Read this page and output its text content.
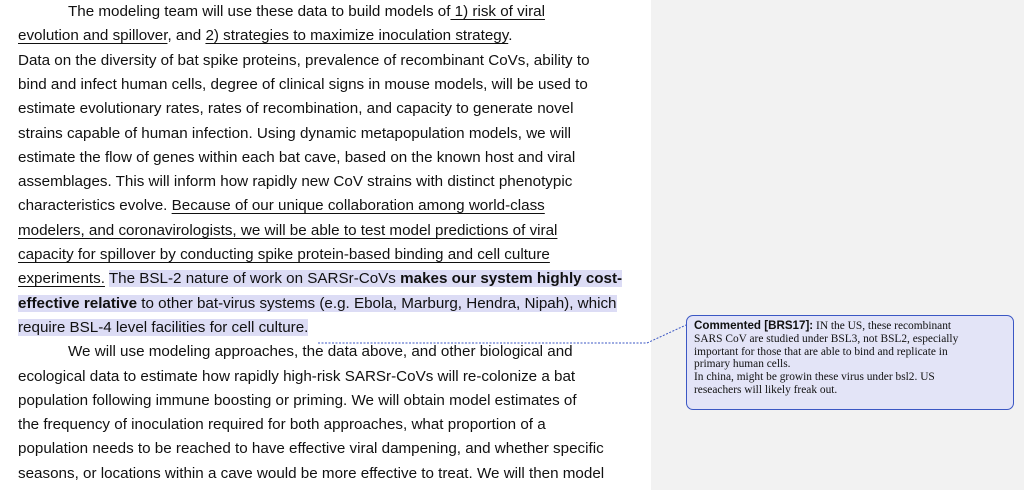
The modeling team will use these data to build models of 1) risk of viral
evolution and spillover, and 2) strategies to maximize inoculation strategy.
Data on the diversity of bat spike proteins, prevalence of recombinant CoVs, ability to
bind and infect human cells, degree of clinical signs in mouse models, will be used to
estimate evolutionary rates, rates of recombination, and capacity to generate novel
strains capable of human infection. Using dynamic metapopulation models, we will
estimate the flow of genes within each bat cave, based on the known host and viral
assemblages. This will inform how rapidly new CoV strains with distinct phenotypic
characteristics evolve. Because of our unique collaboration among world-class
modelers, and coronavirologists, we will be able to test model predictions of viral
capacity for spillover by conducting spike protein-based binding and cell culture
experiments. The BSL-2 nature of work on SARSr-CoVs makes our system highly cost-
effective relative to other bat-virus systems (e.g. Ebola, Marburg, Hendra, Nipah), which
require BSL-4 level facilities for cell culture.
We will use modeling approaches, the data above, and other biological and
ecological data to estimate how rapidly high-risk SARSr-CoVs will re-colonize a bat
population following immune boosting or priming. We will obtain model estimates of
the frequency of inoculation required for both approaches, what proportion of a
population needs to be reached to have effective viral dampening, and whether specific
seasons, or locations within a cave would be more effective to treat. We will then model
Commented [BRS17]: IN the US, these recombinant
SARS CoV are studied under BSL3, not BSL2, especially
important for those that are able to bind and replicate in
primary human cells.
In china, might be growin these virus under bsl2. US
reseachers will likely freak out.
